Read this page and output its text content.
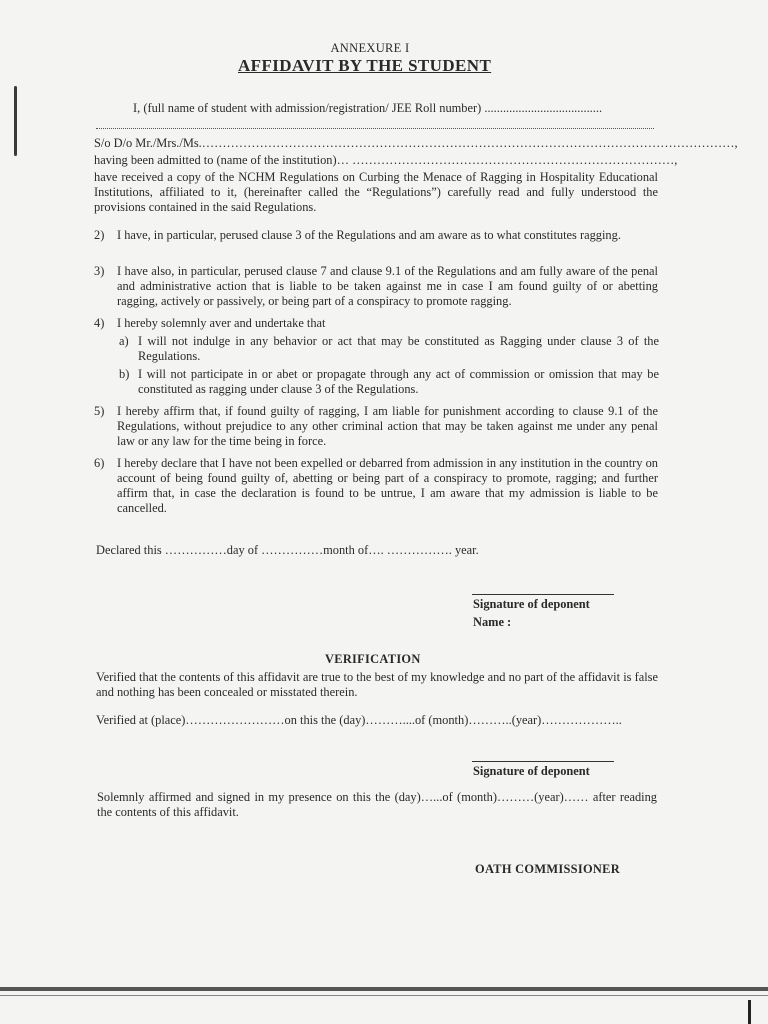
ANNEXURE I
AFFIDAVIT BY THE STUDENT
I, (full name of student with admission/registration/ JEE Roll number) ......................................
S/o D/o Mr./Mrs./Ms.…………………………………………………………………………………………………………………,
having been admitted to (name of the institution)… ……………………………………………………………………,
have received a copy of the NCHM Regulations on Curbing the Menace of Ragging in Hospitality Educational Institutions, affiliated to it, (hereinafter called the “Regulations”) carefully read and fully understood the provisions contained in the said Regulations.
2) I have, in particular, perused clause 3 of the Regulations and am aware as to what constitutes ragging.
3) I have also, in particular, perused clause 7 and clause 9.1 of the Regulations and am fully aware of the penal and administrative action that is liable to be taken against me in case I am found guilty of or abetting ragging, actively or passively, or being part of a conspiracy to promote ragging.
4) I hereby solemnly aver and undertake that
a) I will not indulge in any behavior or act that may be constituted as Ragging under clause 3 of the Regulations.
b) I will not participate in or abet or propagate through any act of commission or omission that may be constituted as ragging under clause 3 of the Regulations.
5) I hereby affirm that, if found guilty of ragging, I am liable for punishment according to clause 9.1 of the Regulations, without prejudice to any other criminal action that may be taken against me under any penal law or any law for the time being in force.
6) I hereby declare that I have not been expelled or debarred from admission in any institution in the country on account of being found guilty of, abetting or being part of a conspiracy to promote, ragging; and further affirm that, in case the declaration is found to be untrue, I am aware that my admission is liable to be cancelled.
Declared this ……………day of ……………month of…. ……………. year.
Signature of deponent
Name :
VERIFICATION
Verified that the contents of this affidavit are true to the best of my knowledge and no part of the affidavit is false and nothing has been concealed or misstated therein.
Verified at (place)……………………on this the (day)………....of (month)………..(year)………………..
Signature of deponent
Solemnly affirmed and signed in my presence on this the (day)…...of (month)………(year)…… after reading the contents of this affidavit.
OATH COMMISSIONER
